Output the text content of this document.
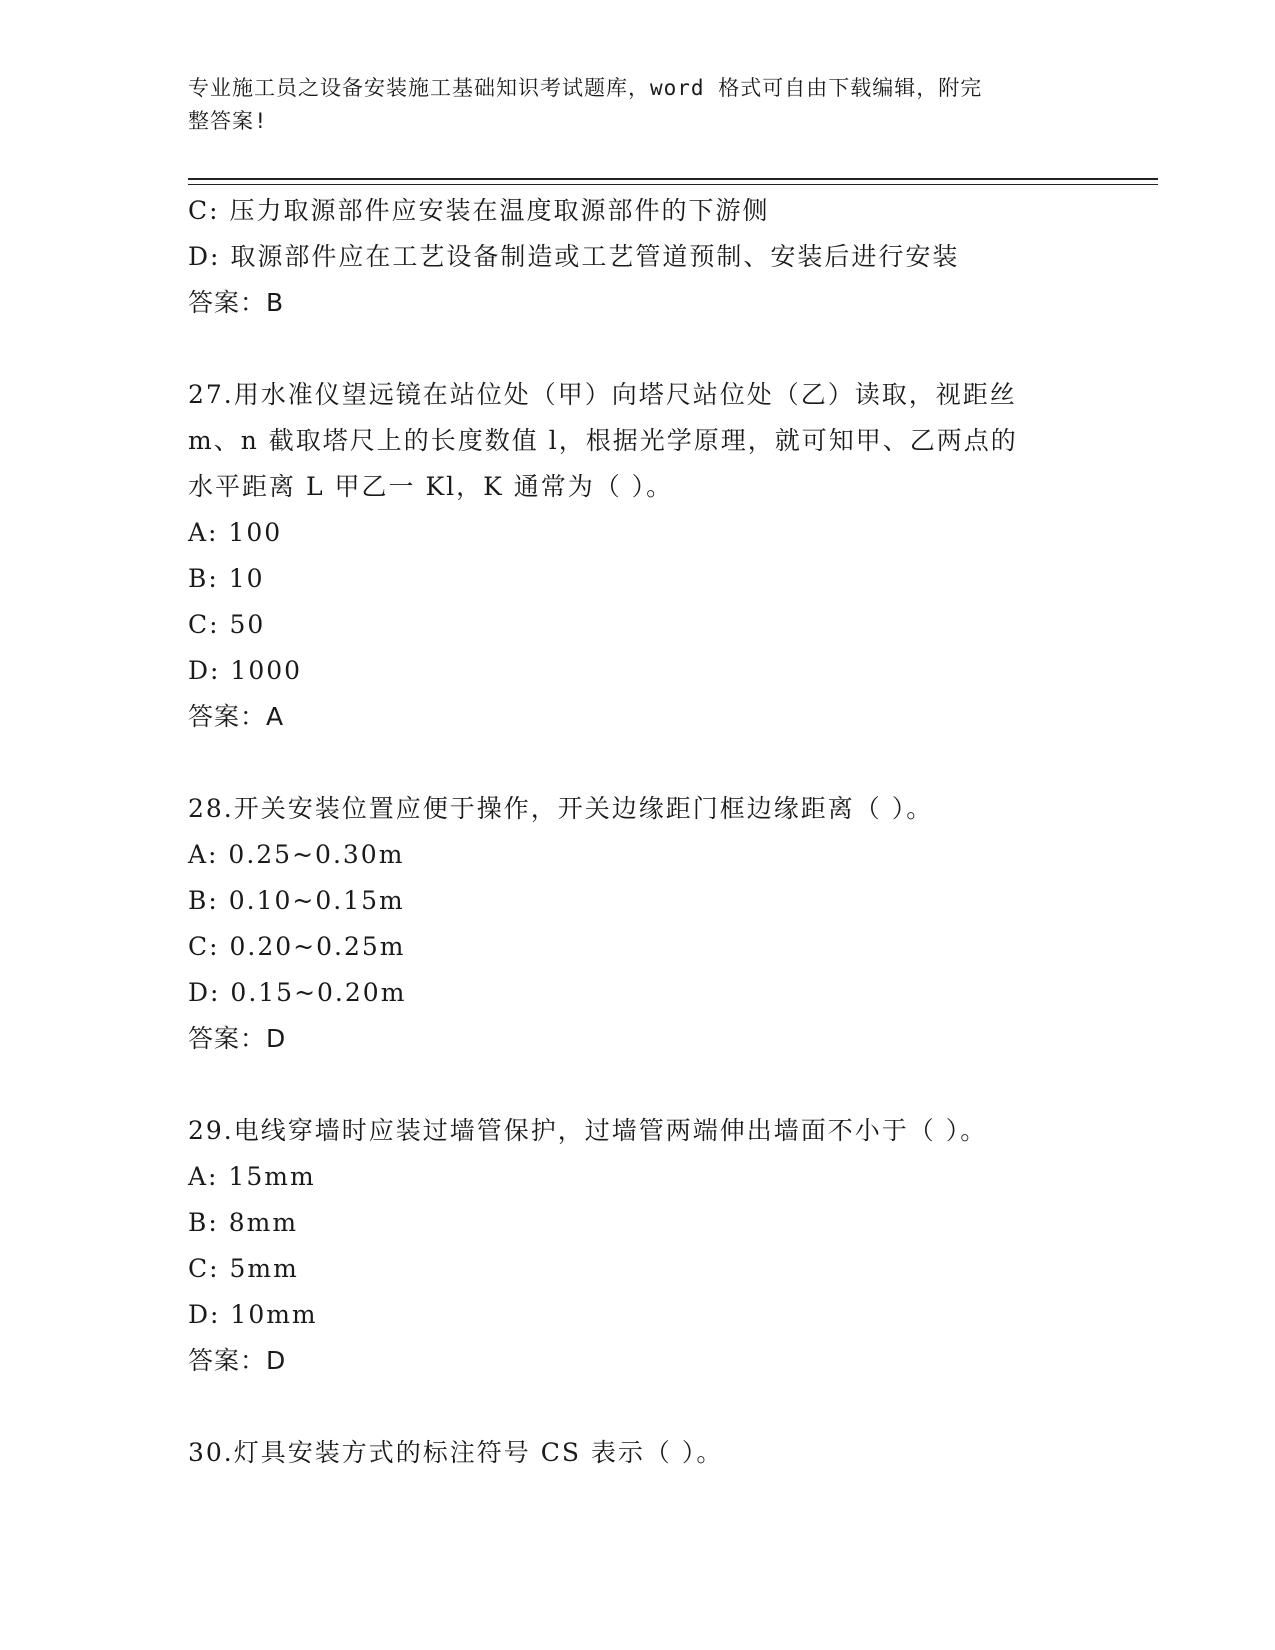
专业施工员之设备安装施工基础知识考试题库，word 格式可自由下载编辑，附完
整答案!
C: 压力取源部件应安装在温度取源部件的下游侧
D: 取源部件应在工艺设备制造或工艺管道预制、安装后进行安装
答案：B
27.用水准仪望远镜在站位处（甲）向塔尺站位处（乙）读取，视距丝
m、n 截取塔尺上的长度数值 l，根据光学原理，就可知甲、乙两点的
水平距离 L 甲乙一 Kl，K 通常为（ ）。
A: 100
B: 10
C: 50
D: 1000
答案：A
28.开关安装位置应便于操作，开关边缘距门框边缘距离（ ）。
A: 0.25~0.30m
B: 0.10~0.15m
C: 0.20~0.25m
D: 0.15~0.20m
答案：D
29.电线穿墙时应装过墙管保护，过墙管两端伸出墙面不小于（ ）。
A: 15mm
B: 8mm
C: 5mm
D: 10mm
答案：D
30.灯具安装方式的标注符号 CS 表示（ ）。
